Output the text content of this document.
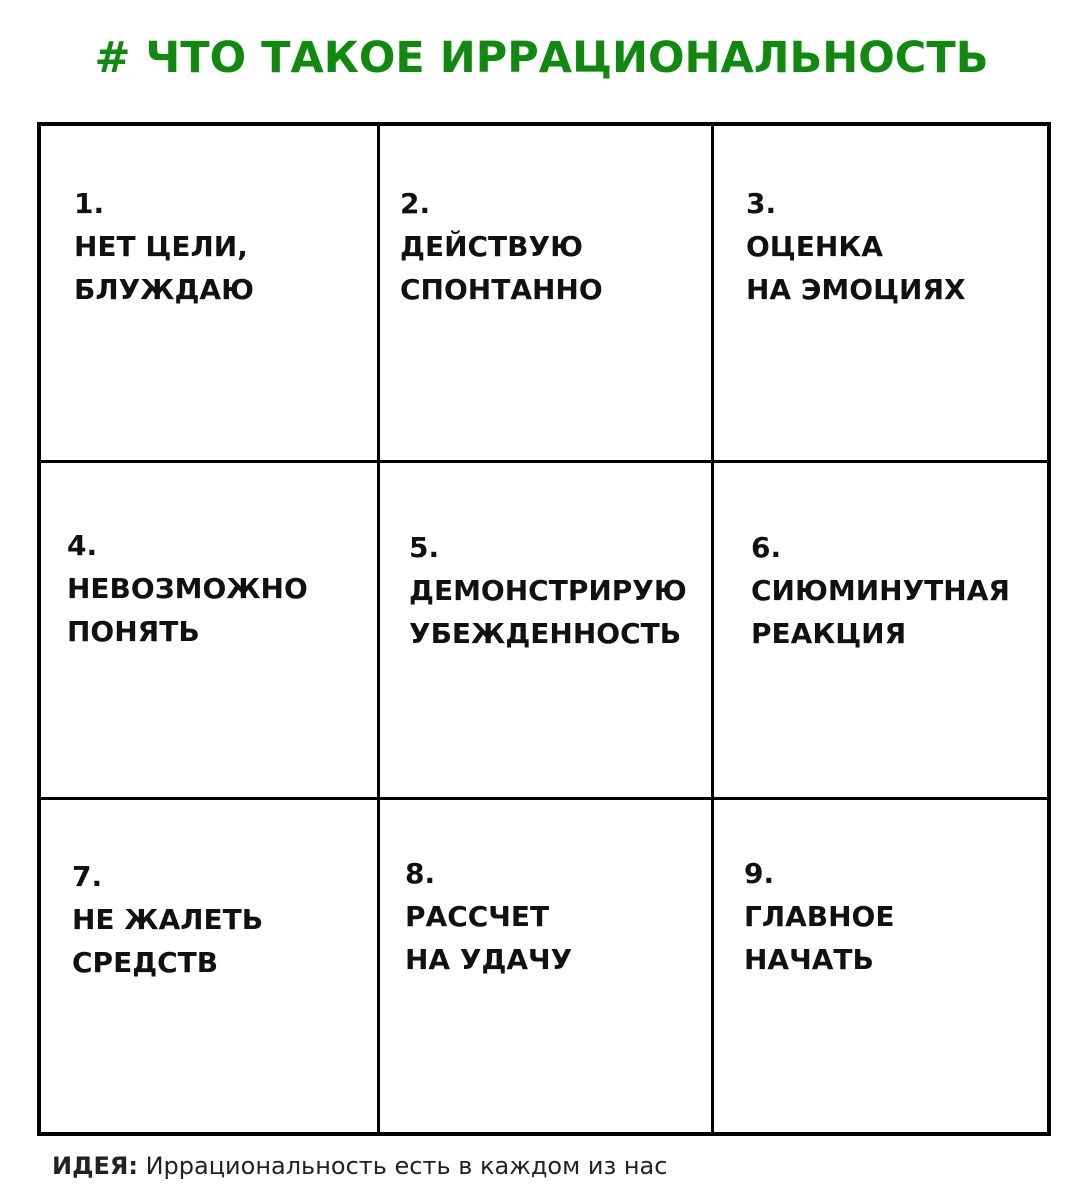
# ЧТО ТАКОЕ ИРРАЦИОНАЛЬНОСТЬ
1.
НЕТ ЦЕЛИ,
БЛУЖДАЮ
2.
ДЕЙСТВУЮ
СПОНТАННО
3.
ОЦЕНКА
НА ЭМОЦИЯХ
4.
НЕВОЗМОЖНО
ПОНЯТЬ
5.
ДЕМОНСТРИРУЮ
УБЕЖДЕННОСТЬ
6.
СИЮМИНУТНАЯ
РЕАКЦИЯ
7.
НЕ ЖАЛЕТЬ
СРЕДСТВ
8.
РАССЧЕТ
НА УДАЧУ
9.
ГЛАВНОЕ
НАЧАТЬ
ИДЕЯ: Иррациональность есть в каждом из нас
